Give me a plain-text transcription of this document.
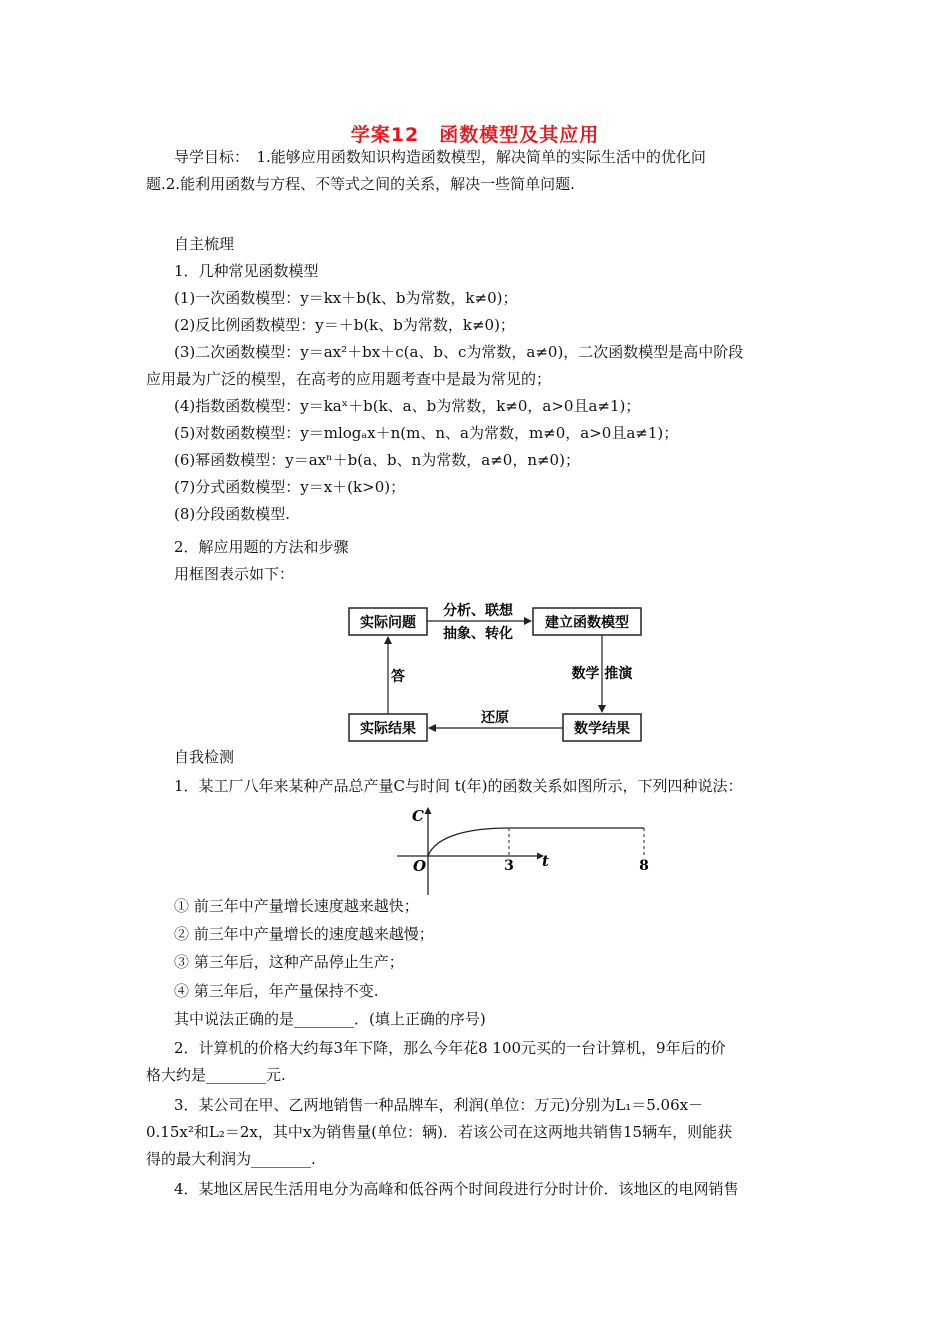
学案12　函数模型及其应用
导学目标：　1.能够应用函数知识构造函数模型，解决简单的实际生活中的优化问
题.2.能利用函数与方程、不等式之间的关系，解决一些简单问题.
自主梳理
1．几种常见函数模型
(1)一次函数模型：y＝kx＋b(k、b为常数，k≠0)；
(2)反比例函数模型：y＝＋b(k、b为常数，k≠0)；
(3)二次函数模型：y＝ax²＋bx＋c(a、b、c为常数，a≠0)，二次函数模型是高中阶段
应用最为广泛的模型，在高考的应用题考查中是最为常见的；
(4)指数函数模型：y＝kaˣ＋b(k、a、b为常数，k≠0，a>0且a≠1)；
(5)对数函数模型：y＝mlogₐx＋n(m、n、a为常数，m≠0，a>0且a≠1)；
(6)幂函数模型：y＝axⁿ＋b(a、b、n为常数，a≠0，n≠0)；
(7)分式函数模型：y＝x＋(k>0)；
(8)分段函数模型.
2．解应用题的方法和步骤
用框图表示如下：
实际问题	建立函数模型
数学结果
实际结果
分析、联想
抽象、转化
数学 推演
还原
答
自我检测
1．某工厂八年来某种产品总产量C与时间 t(年)的函数关系如图所示，下列四种说法：
C
t
O	3	8
① 前三年中产量增长速度越来越快；
② 前三年中产量增长的速度越来越慢；
③ 第三年后，这种产品停止生产；
④ 第三年后，年产量保持不变.
其中说法正确的是________．(填上正确的序号)
2．计算机的价格大约每3年下降，那么今年花8 100元买的一台计算机，9年后的价
格大约是________元.
3．某公司在甲、乙两地销售一种品牌车，利润(单位：万元)分别为L₁＝5.06x－
0.15x²和L₂＝2x，其中x为销售量(单位：辆)．若该公司在这两地共销售15辆车，则能获
得的最大利润为________.
4．某地区居民生活用电分为高峰和低谷两个时间段进行分时计价．该地区的电网销售
